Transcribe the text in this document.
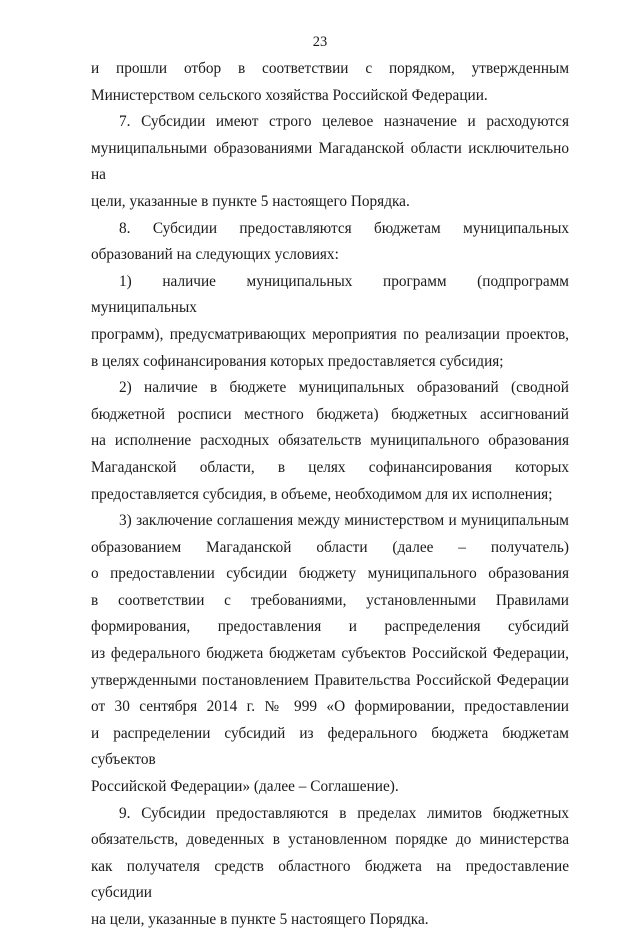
23

и прошли отбор в соответствии с порядком, утвержденным
Министерством сельского хозяйства Российской Федерации.

7. Субсидии имеют строго целевое назначение и расходуются
муниципальными образованиями Магаданской области исключительно на
цели, указанные в пункте 5 настоящего Порядка.

8. Субсидии предоставляются бюджетам муниципальных
образований на следующих условиях:

1) наличие муниципальных программ (подпрограмм муниципальных
программ), предусматривающих мероприятия по реализации проектов,
в целях софинансирования которых предоставляется субсидия;

2) наличие в бюджете муниципальных образований (сводной
бюджетной росписи местного бюджета) бюджетных ассигнований
на исполнение расходных обязательств муниципального образования
Магаданской области, в целях софинансирования которых
предоставляется субсидия, в объеме, необходимом для их исполнения;

3) заключение соглашения между министерством и муниципальным
образованием Магаданской области (далее – получатель)
о предоставлении субсидии бюджету муниципального образования
в соответствии с требованиями, установленными Правилами
формирования, предоставления и распределения субсидий
из федерального бюджета бюджетам субъектов Российской Федерации,
утвержденными постановлением Правительства Российской Федерации
от 30 сентября 2014 г. № 999 «О формировании, предоставлении
и распределении субсидий из федерального бюджета бюджетам субъектов
Российской Федерации» (далее – Соглашение).

9. Субсидии предоставляются в пределах лимитов бюджетных
обязательств, доведенных в установленном порядке до министерства
как получателя средств областного бюджета на предоставление субсидии
на цели, указанные в пункте 5 настоящего Порядка.
